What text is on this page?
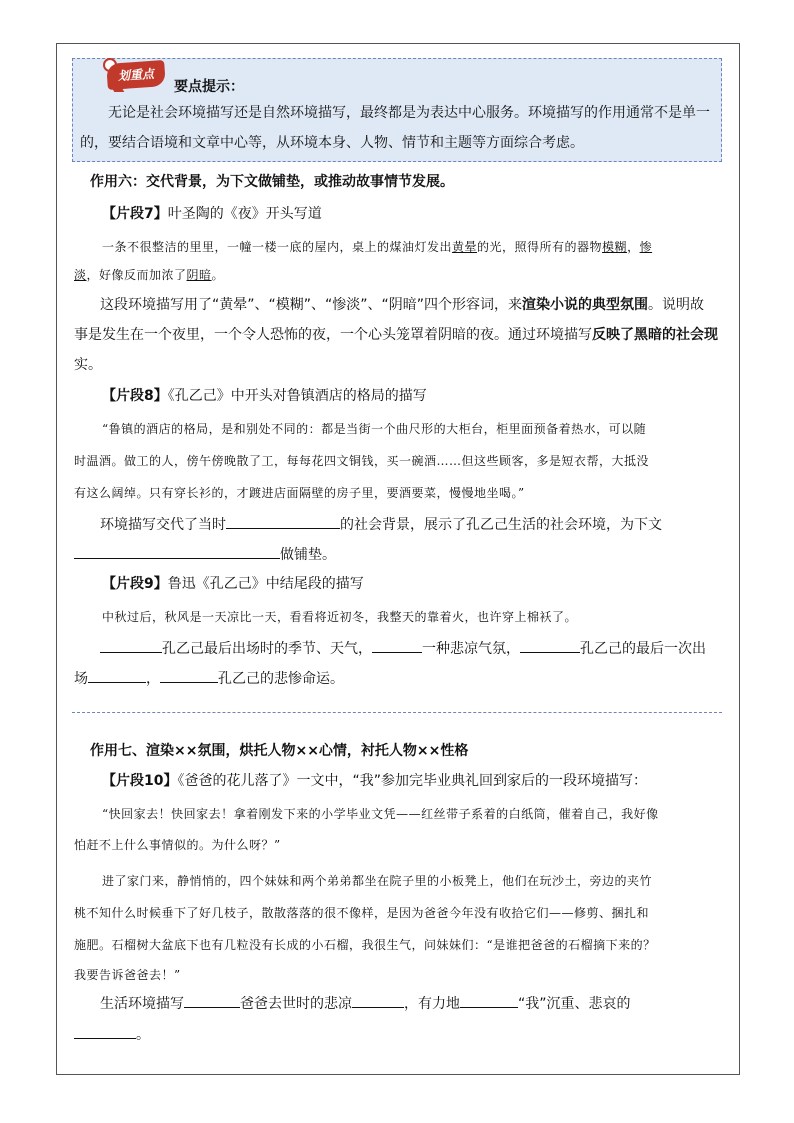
划重点
要点提示：
无论是社会环境描写还是自然环境描写，最终都是为表达中心服务。环境描写的作用通常不是单一
的，要结合语境和文章中心等，从环境本身、人物、情节和主题等方面综合考虑。
作用六：交代背景，为下文做铺垫，或推动故事情节发展。
【片段7】叶圣陶的《夜》开头写道
一条不很整洁的里里，一幢一楼一底的屋内，桌上的煤油灯发出黄晕的光，照得所有的器物模糊，惨
淡，好像反而加浓了阴暗。
这段环境描写用了“黄晕”、“模糊”、“惨淡”、“阴暗”四个形容词，来渲染小说的典型氛围。说明故
事是发生在一个夜里，一个令人恐怖的夜，一个心头笼罩着阴暗的夜。通过环境描写反映了黑暗的社会现
实。
【片段8】《孔乙己》中开头对鲁镇酒店的格局的描写
“鲁镇的酒店的格局，是和别处不同的：都是当街一个曲尺形的大柜台，柜里面预备着热水，可以随
时温酒。做工的人，傍午傍晚散了工，每每花四文铜钱，买一碗酒……但这些顾客，多是短衣帮，大抵没
有这么阔绰。只有穿长衫的，才踱进店面隔壁的房子里，要酒要菜，慢慢地坐喝。”
环境描写交代了当时	的社会背景，展示了孔乙己生活的社会环境，为下文
做铺垫。
【片段9】鲁迅《孔乙己》中结尾段的描写
中秋过后，秋风是一天凉比一天，看看将近初冬，我整天的靠着火，也许穿上棉袄了。
孔乙己最后出场时的季节、天气，	一种悲凉气氛，	孔乙己的最后一次出
场	，	孔乙己的悲惨命运。
作用七、渲染××氛围，烘托人物××心情，衬托人物××性格
【片段10】《爸爸的花儿落了》一文中，“我”参加完毕业典礼回到家后的一段环境描写：
“快回家去！快回家去！拿着刚发下来的小学毕业文凭——红丝带子系着的白纸筒，催着自己，我好像
怕赶不上什么事情似的。为什么呀？”
进了家门来，静悄悄的，四个妹妹和两个弟弟都坐在院子里的小板凳上，他们在玩沙土，旁边的夹竹
桃不知什么时候垂下了好几枝子，散散落落的很不像样，是因为爸爸今年没有收拾它们——修剪、捆扎和
施肥。石榴树大盆底下也有几粒没有长成的小石榴，我很生气，问妹妹们：“是谁把爸爸的石榴摘下来的？
我要告诉爸爸去！”
生活环境描写	爸爸去世时的悲凉	，有力地	“我”沉重、悲哀的
。
